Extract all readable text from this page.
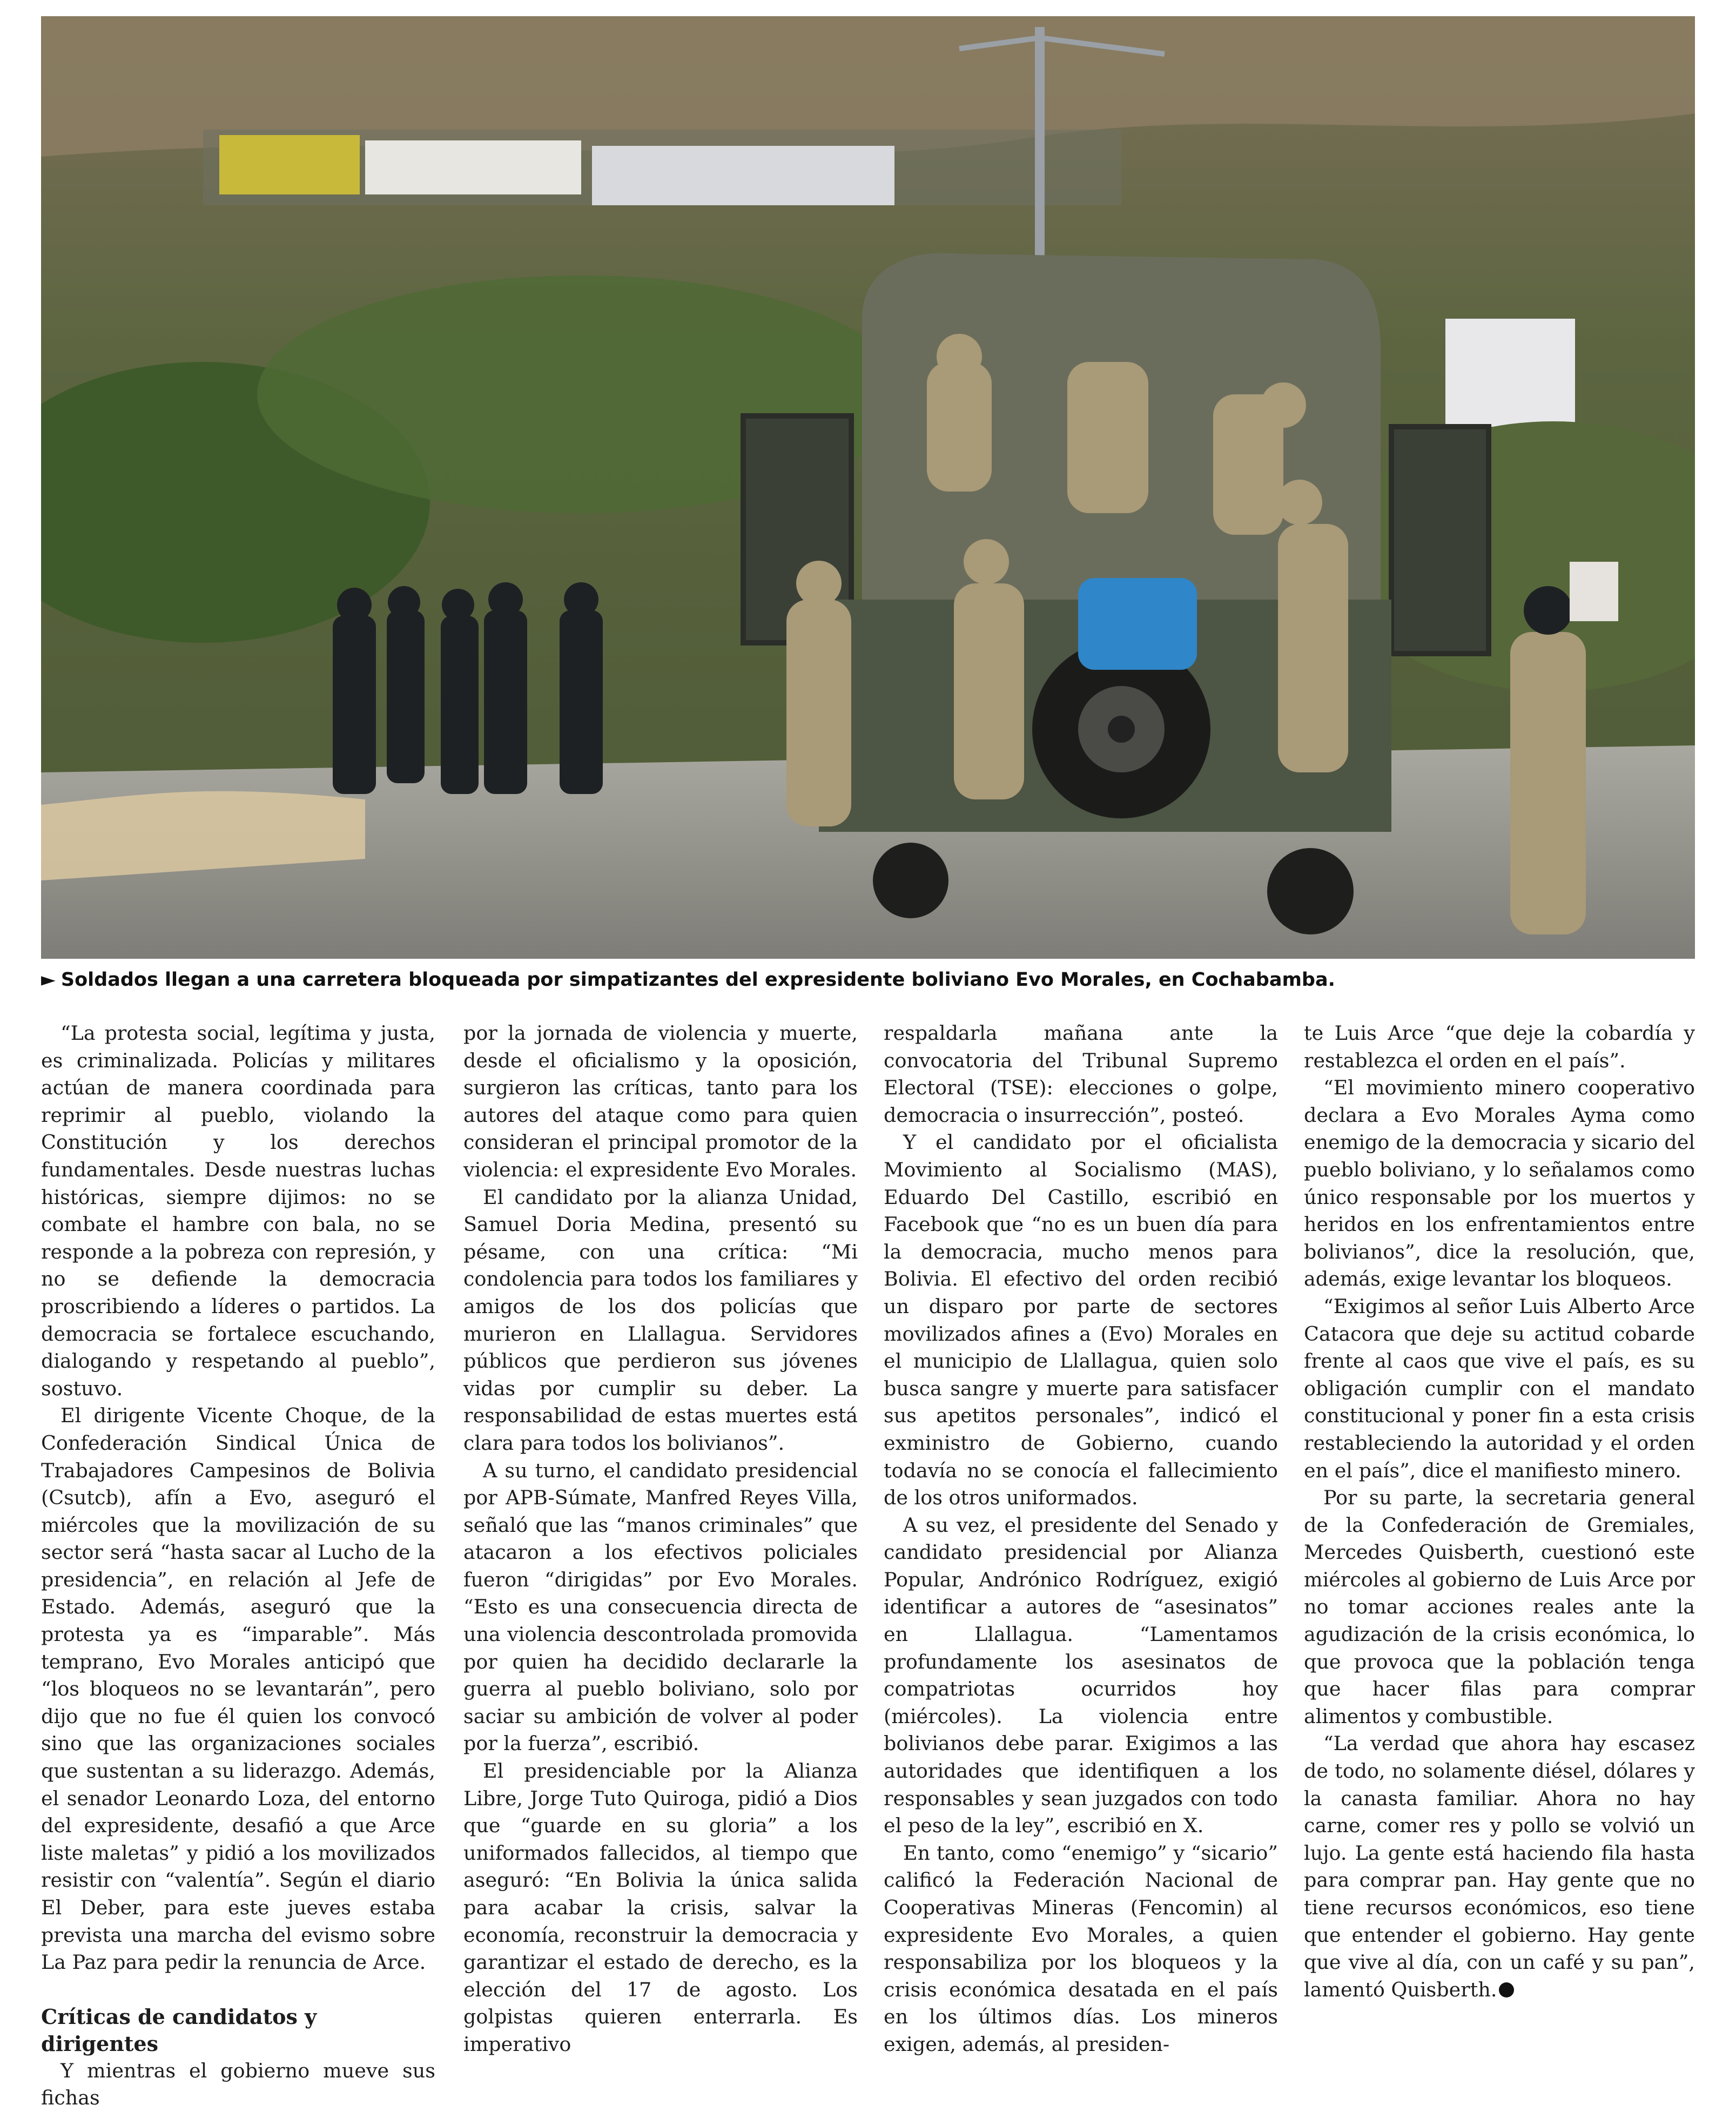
► Soldados llegan a una carretera bloqueada por simpatizantes del expresidente boliviano Evo Morales, en Cochabamba.

“La protesta social, legítima y justa, es criminalizada. Policías y militares actúan de manera coordinada para reprimir al pueblo, violando la Constitución y los derechos fundamentales. Desde nuestras luchas históricas, siempre dijimos: no se combate el hambre con bala, no se responde a la pobreza con represión, y no se defiende la democracia proscribiendo a líderes o partidos. La democracia se fortalece escuchando, dialogando y respetando al pueblo”, sostuvo.

El dirigente Vicente Choque, de la Confederación Sindical Única de Trabajadores Campesinos de Bolivia (Csutcb), afín a Evo, aseguró el miércoles que la movilización de su sector será “hasta sacar al Lucho de la presidencia”, en relación al Jefe de Estado. Además, aseguró que la protesta ya es “imparable”. Más temprano, Evo Morales anticipó que “los bloqueos no se levantarán”, pero dijo que no fue él quien los convocó sino que las organizaciones sociales que sustentan a su liderazgo. Además, el senador Leonardo Loza, del entorno del expresidente, desafió a que Arce liste maletas” y pidió a los movilizados resistir con “valentía”. Según el diario El Deber, para este jueves estaba prevista una marcha del evismo sobre La Paz para pedir la renuncia de Arce.

Críticas de candidatos y dirigentes

Y mientras el gobierno mueve sus fichas

por la jornada de violencia y muerte, desde el oficialismo y la oposición, surgieron las críticas, tanto para los autores del ataque como para quien consideran el principal promotor de la violencia: el expresidente Evo Morales.

El candidato por la alianza Unidad, Samuel Doria Medina, presentó su pésame, con una crítica: “Mi condolencia para todos los familiares y amigos de los dos policías que murieron en Llallagua. Servidores públicos que perdieron sus jóvenes vidas por cumplir su deber. La responsabilidad de estas muertes está clara para todos los bolivianos”.

A su turno, el candidato presidencial por APB-Súmate, Manfred Reyes Villa, señaló que las “manos criminales” que atacaron a los efectivos policiales fueron “dirigidas” por Evo Morales. “Esto es una consecuencia directa de una violencia descontrolada promovida por quien ha decidido declararle la guerra al pueblo boliviano, solo por saciar su ambición de volver al poder por la fuerza”, escribió.

El presidenciable por la Alianza Libre, Jorge Tuto Quiroga, pidió a Dios que “guarde en su gloria” a los uniformados fallecidos, al tiempo que aseguró: “En Bolivia la única salida para acabar la crisis, salvar la economía, reconstruir la democracia y garantizar el estado de derecho, es la elección del 17 de agosto. Los golpistas quieren enterrarla. Es imperativo

respaldarla mañana ante la convocatoria del Tribunal Supremo Electoral (TSE): elecciones o golpe, democracia o insurrección”, posteó.

Y el candidato por el oficialista Movimiento al Socialismo (MAS), Eduardo Del Castillo, escribió en Facebook que “no es un buen día para la democracia, mucho menos para Bolivia. El efectivo del orden recibió un disparo por parte de sectores movilizados afines a (Evo) Morales en el municipio de Llallagua, quien solo busca sangre y muerte para satisfacer sus apetitos personales”, indicó el exministro de Gobierno, cuando todavía no se conocía el fallecimiento de los otros uniformados.

A su vez, el presidente del Senado y candidato presidencial por Alianza Popular, Andrónico Rodríguez, exigió identificar a autores de “asesinatos” en Llallagua. “Lamentamos profundamente los asesinatos de compatriotas ocurridos hoy (miércoles). La violencia entre bolivianos debe parar. Exigimos a las autoridades que identifiquen a los responsables y sean juzgados con todo el peso de la ley”, escribió en X.

En tanto, como “enemigo” y “sicario” calificó la Federación Nacional de Cooperativas Mineras (Fencomin) al expresidente Evo Morales, a quien responsabiliza por los bloqueos y la crisis económica desatada en el país en los últimos días. Los mineros exigen, además, al presiden-

te Luis Arce “que deje la cobardía y restablezca el orden en el país”.

“El movimiento minero cooperativo declara a Evo Morales Ayma como enemigo de la democracia y sicario del pueblo boliviano, y lo señalamos como único responsable por los muertos y heridos en los enfrentamientos entre bolivianos”, dice la resolución, que, además, exige levantar los bloqueos.

“Exigimos al señor Luis Alberto Arce Catacora que deje su actitud cobarde frente al caos que vive el país, es su obligación cumplir con el mandato constitucional y poner fin a esta crisis restableciendo la autoridad y el orden en el país”, dice el manifiesto minero.

Por su parte, la secretaria general de la Confederación de Gremiales, Mercedes Quisberth, cuestionó este miércoles al gobierno de Luis Arce por no tomar acciones reales ante la agudización de la crisis económica, lo que provoca que la población tenga que hacer filas para comprar alimentos y combustible.

“La verdad que ahora hay escasez de todo, no solamente diésel, dólares y la canasta familiar. Ahora no hay carne, comer res y pollo se volvió un lujo. La gente está haciendo fila hasta para comprar pan. Hay gente que no tiene recursos económicos, eso tiene que entender el gobierno. Hay gente que vive al día, con un café y su pan”, lamentó Quisberth.
